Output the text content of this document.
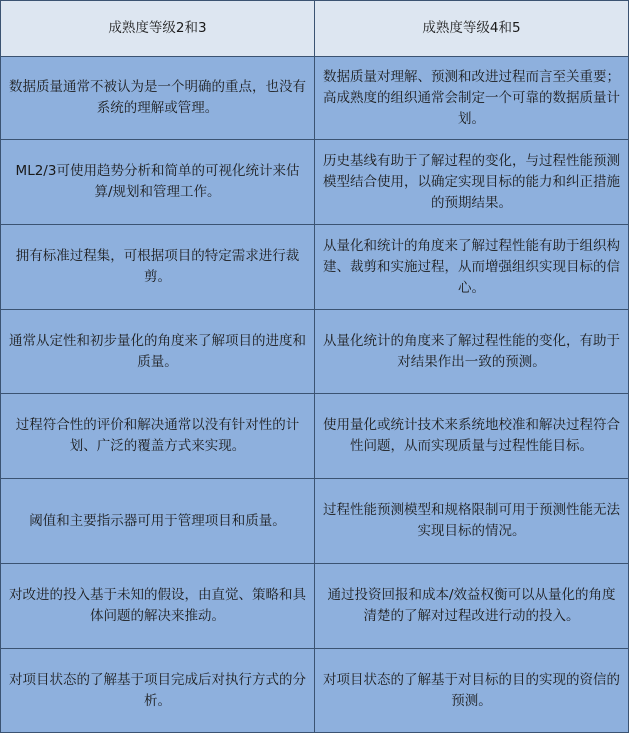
成熟度等级2和3	成熟度等级4和5
数据质量通常不被认为是一个明确的重点，也没有系统的理解或管理。	数据质量对理解、预测和改进过程而言至关重要；高成熟度的组织通常会制定一个可靠的数据质量计划。
ML2/3可使用趋势分析和简单的可视化统计来估算/规划和管理工作。	历史基线有助于了解过程的变化，与过程性能预测模型结合使用，以确定实现目标的能力和纠正措施的预期结果。
拥有标准过程集，可根据项目的特定需求进行裁剪。	从量化和统计的角度来了解过程性能有助于组织构建、裁剪和实施过程，从而增强组织实现目标的信心。
通常从定性和初步量化的角度来了解项目的进度和质量。	从量化统计的角度来了解过程性能的变化，有助于对结果作出一致的预测。
过程符合性的评价和解决通常以没有针对性的计划、广泛的覆盖方式来实现。	使用量化或统计技术来系统地校准和解决过程符合性问题，从而实现质量与过程性能目标。
阈值和主要指示器可用于管理项目和质量。	过程性能预测模型和规格限制可用于预测性能无法实现目标的情况。
对改进的投入基于未知的假设，由直觉、策略和具体问题的解决来推动。	通过投资回报和成本/效益权衡可以从量化的角度清楚的了解对过程改进行动的投入。
对项目状态的了解基于项目完成后对执行方式的分析。	对项目状态的了解基于对目标的目的实现的资信的预测。
